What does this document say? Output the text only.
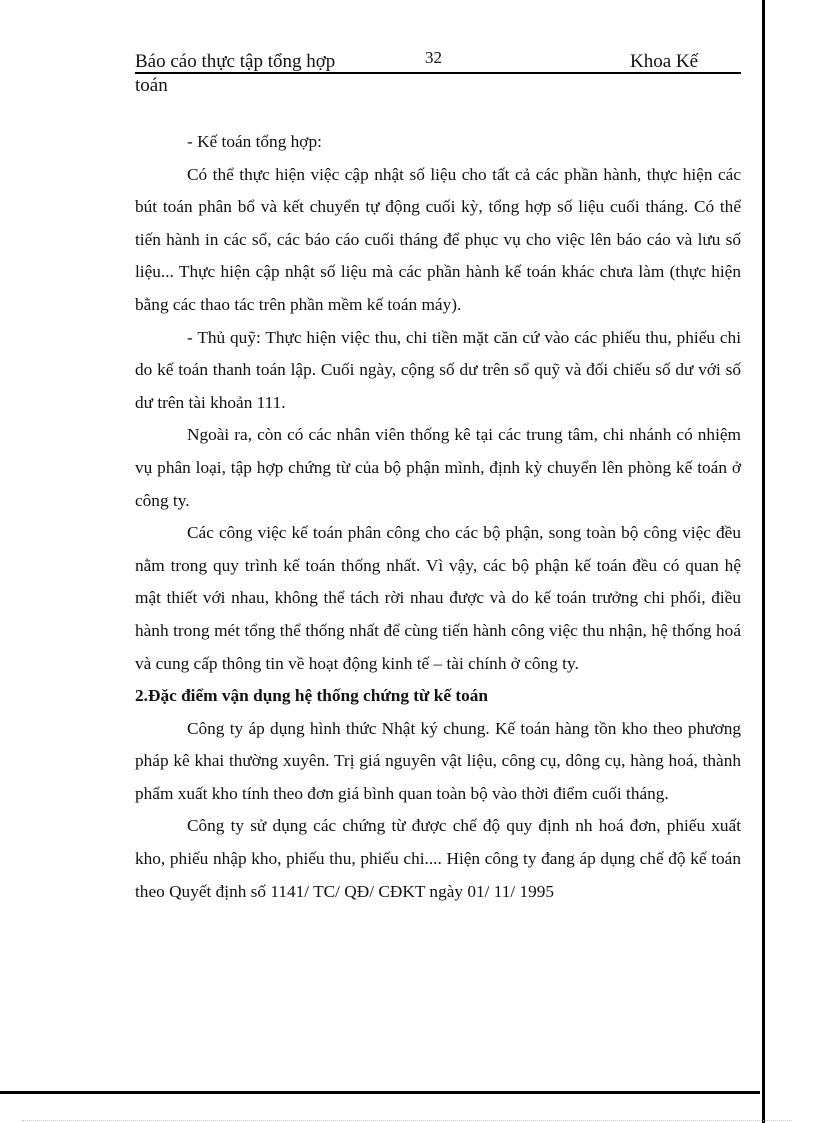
Báo cáo thực tập tổng hợp	32	Khoa Kế
toán

- Kế toán tổng hợp:

Có thể thực hiện việc cập nhật số liệu cho tất cả các phần hành, thực hiện các bút toán phân bổ và kết chuyển tự động cuối kỳ, tổng hợp số liệu cuối tháng. Có thể tiến hành in các sổ, các báo cáo cuối tháng để phục vụ cho việc lên báo cáo và lưu số liệu... Thực hiện cập nhật số liệu mà các phần hành kế toán khác chưa làm (thực hiện bằng các thao tác trên phần mềm kế toán máy).

- Thủ quỹ: Thực hiện việc thu, chi tiền mặt căn cứ vào các phiếu thu, phiếu chi do kế toán thanh toán lập. Cuối ngày, cộng số dư trên sổ quỹ và đối chiếu số dư với số dư trên tài khoản 111.

Ngoài ra, còn có các nhân viên thống kê tại các trung tâm, chi nhánh có nhiệm vụ phân loại, tập hợp chứng từ của bộ phận mình, định kỳ chuyển lên phòng kế toán ở công ty.

Các công việc kế toán phân công cho các bộ phận, song toàn bộ công việc đều nằm trong quy trình kế toán thống nhất. Vì vậy, các bộ phận kế toán đều có quan hệ mật thiết với nhau, không thể tách rời nhau được và do kế toán trưởng chi phối, điều hành trong mét tổng thể thống nhất để cùng tiến hành công việc thu nhận, hệ thống hoá và cung cấp thông tin về hoạt động kinh tế – tài chính ở công ty.

2.Đặc điểm vận dụng hệ thống chứng từ kế toán

Công ty áp dụng hình thức Nhật ký chung. Kế toán hàng tồn kho theo phương pháp kê khai thường xuyên. Trị giá nguyên vật liệu, công cụ, dông cụ, hàng hoá, thành phẩm xuất kho tính theo đơn giá bình quan toàn bộ vào thời điểm cuối tháng.

Công ty sử dụng các chứng từ được chế độ quy định nh hoá đơn, phiếu xuất kho, phiếu nhập kho, phiếu thu, phiếu chi.... Hiện công ty đang áp dụng chế độ kế toán theo Quyết định số 1141/ TC/ QĐ/ CĐKT ngày 01/ 11/ 1995
